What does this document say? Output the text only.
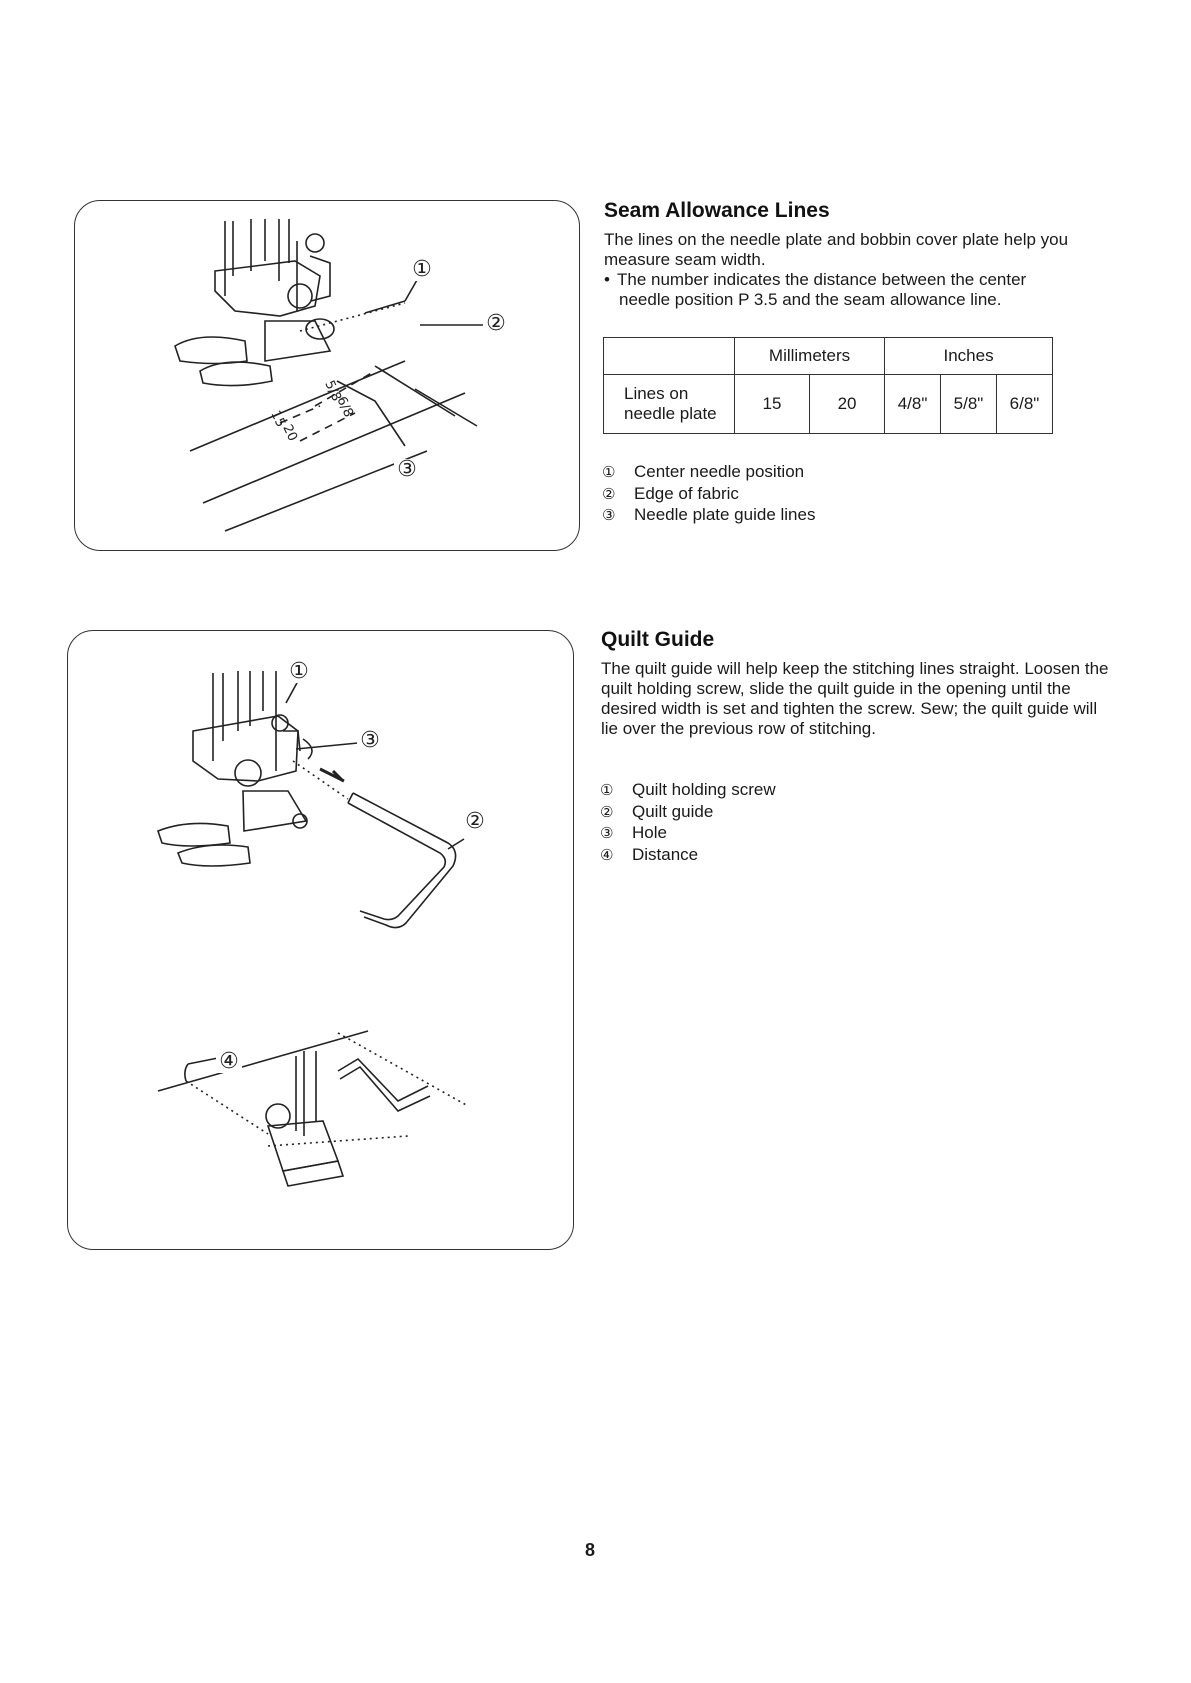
5/8
6/8
15
20
①
②
③
Seam Allowance Lines

The lines on the needle plate and bobbin cover plate help you measure seam width.

• The number indicates the distance between the center
needle position P 3.5 and the seam allowance line.

	Millimeters		Inches		
Lines on
needle plate	15	20	4/8"	5/8"	6/8"
① Center needle position
② Edge of fabric
③ Needle plate guide lines
①
③
②
④
Quilt Guide

The quilt guide will help keep the stitching lines straight. Loosen the quilt holding screw, slide the quilt guide in the opening until the desired width is set and tighten the screw. Sew; the quilt guide will lie over the previous row of stitching.

① Quilt holding screw
② Quilt guide
③ Hole
④ Distance
8
